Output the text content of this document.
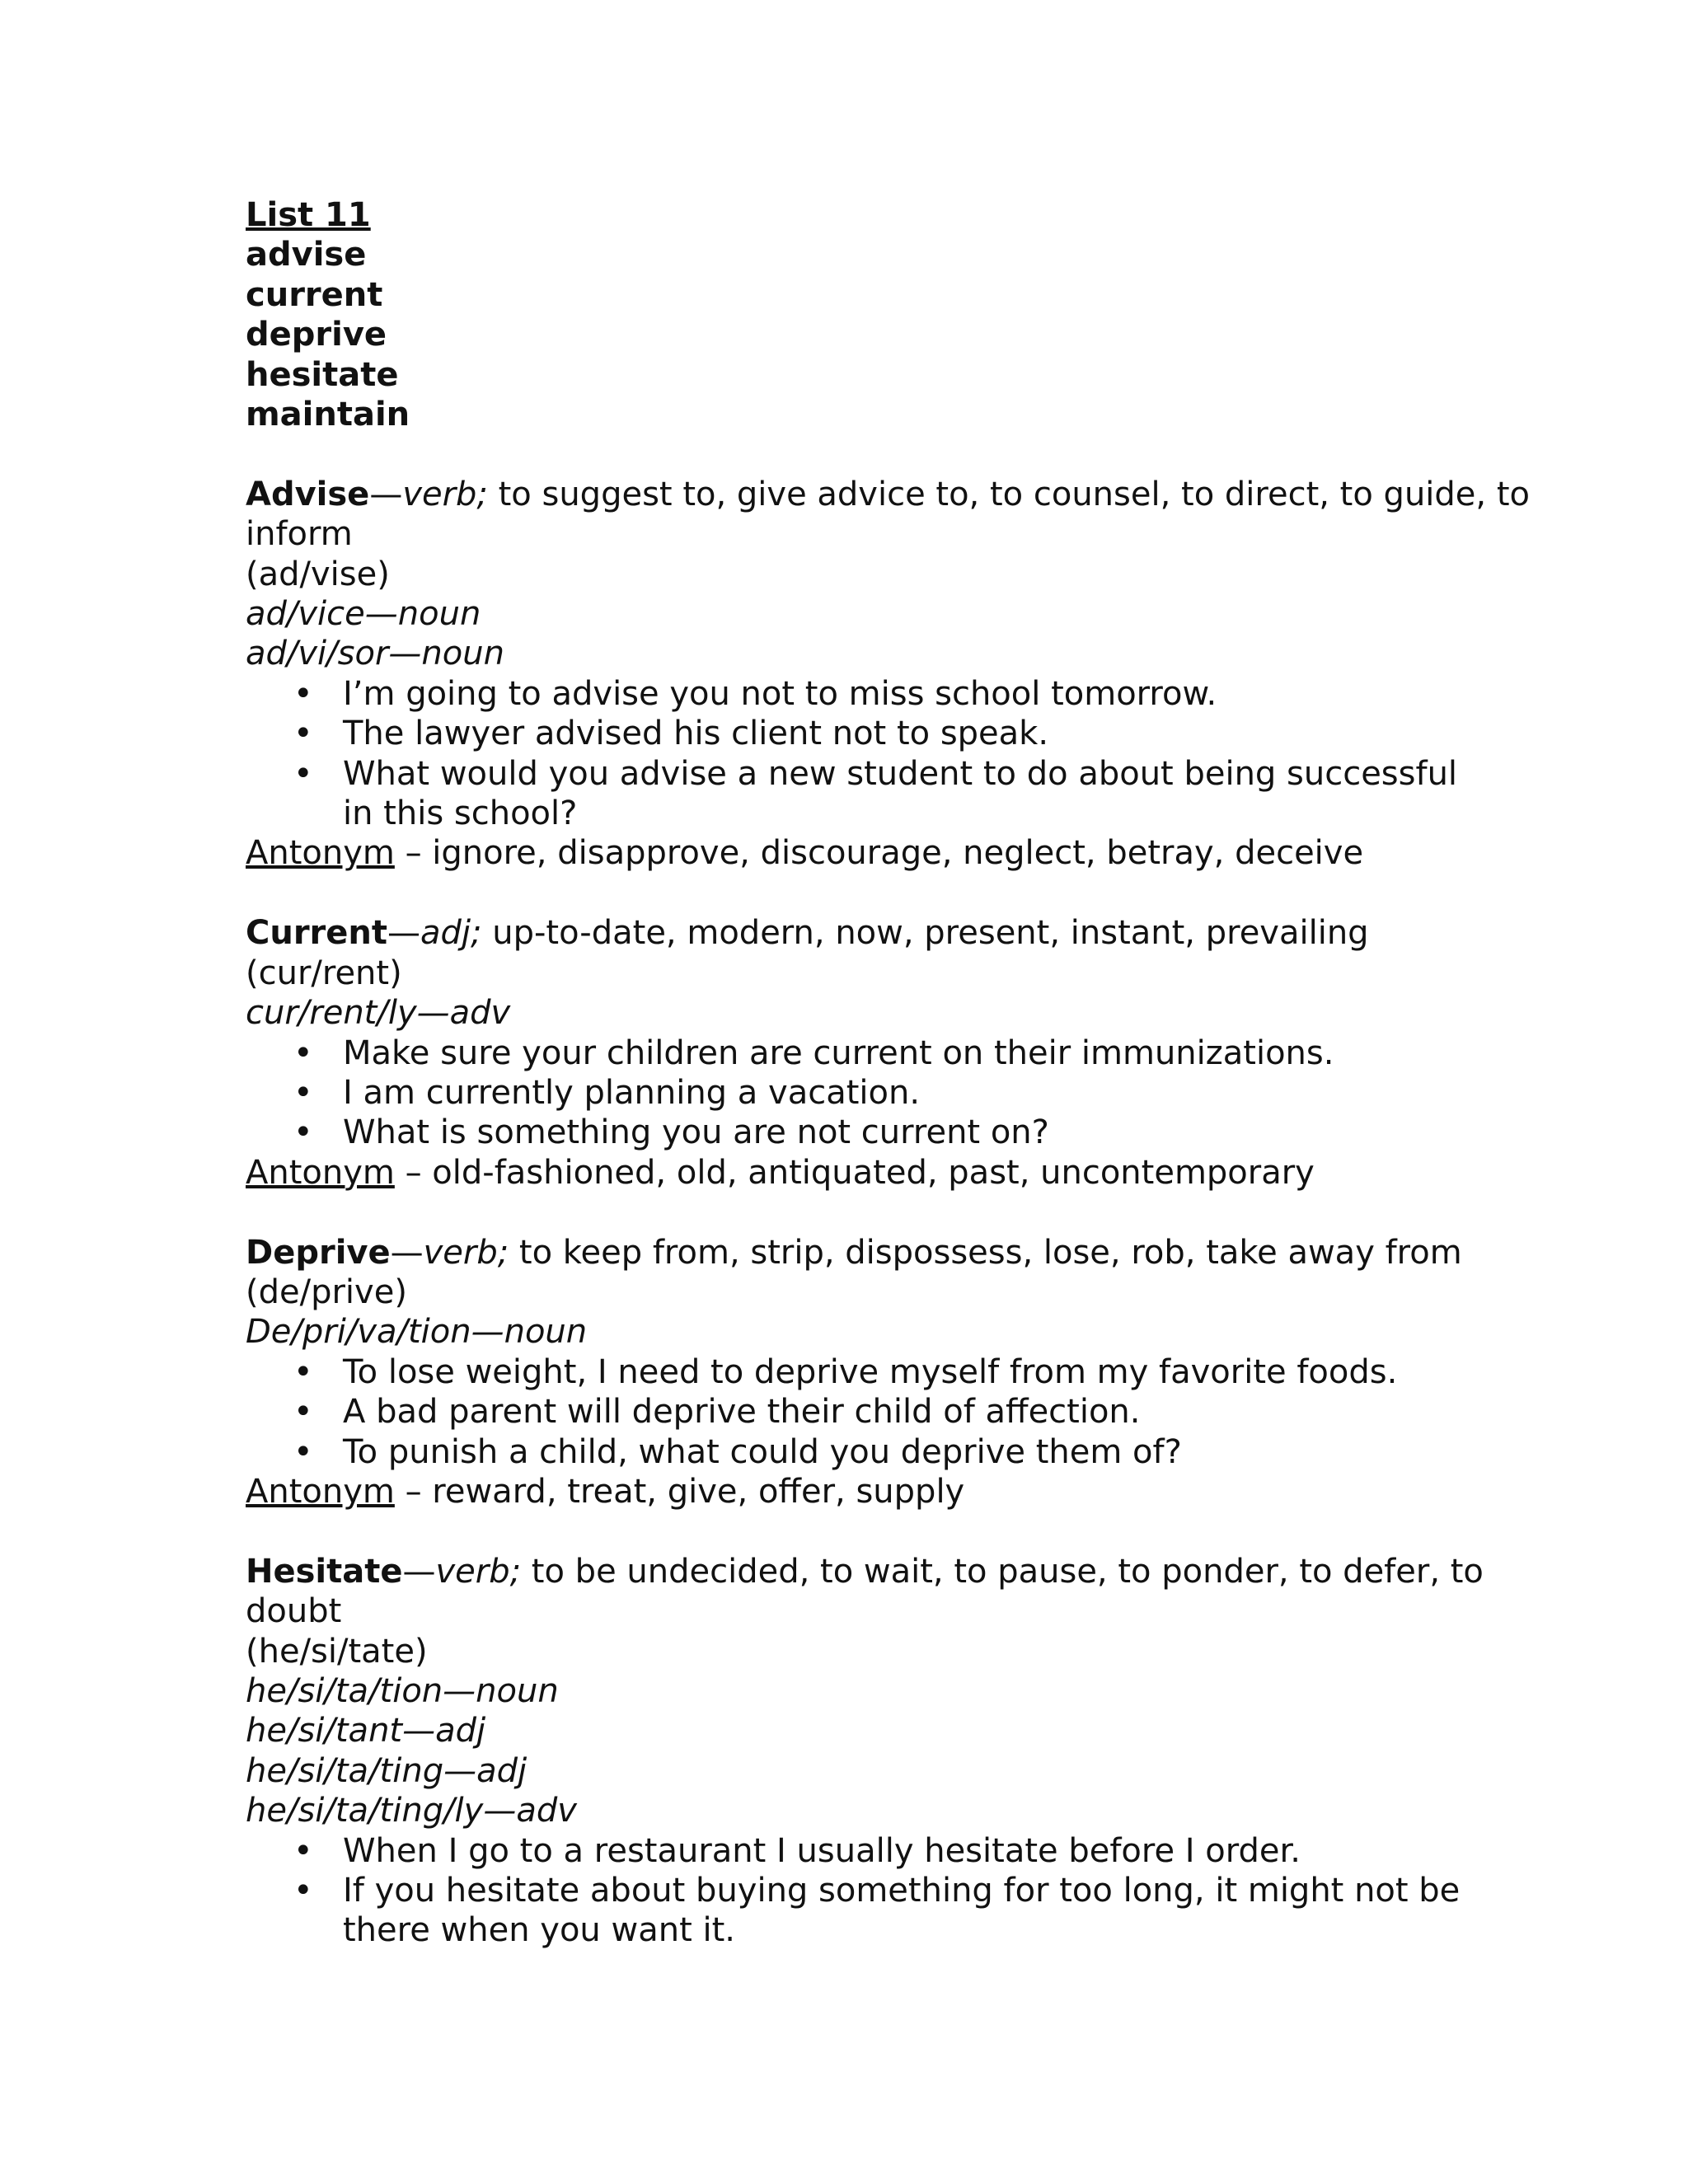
List 11

advise

current

deprive

hesitate

maintain

Advise—verb; to suggest to, give advice to, to counsel, to direct, to guide, to

inform

(ad/vise)

ad/vice—noun

ad/vi/sor—noun

• I’m going to advise you not to miss school tomorrow.
• The lawyer advised his client not to speak.
• What would you advise a new student to do about being successful in this school?

Antonym – ignore, disapprove, discourage, neglect, betray, deceive

Current—adj; up-to-date, modern, now, present, instant, prevailing

(cur/rent)

cur/rent/ly—adv

• Make sure your children are current on their immunizations.
• I am currently planning a vacation.
• What is something you are not current on?

Antonym – old-fashioned, old, antiquated, past, uncontemporary

Deprive—verb; to keep from, strip, dispossess, lose, rob, take away from

(de/prive)

De/pri/va/tion—noun

• To lose weight, I need to deprive myself from my favorite foods.
• A bad parent will deprive their child of affection.
• To punish a child, what could you deprive them of?

Antonym – reward, treat, give, offer, supply

Hesitate—verb; to be undecided, to wait, to pause, to ponder, to defer, to

doubt

(he/si/tate)

he/si/ta/tion—noun

he/si/tant—adj

he/si/ta/ting—adj

he/si/ta/ting/ly—adv

• When I go to a restaurant I usually hesitate before I order.
• If you hesitate about buying something for too long, it might not be there when you want it.
